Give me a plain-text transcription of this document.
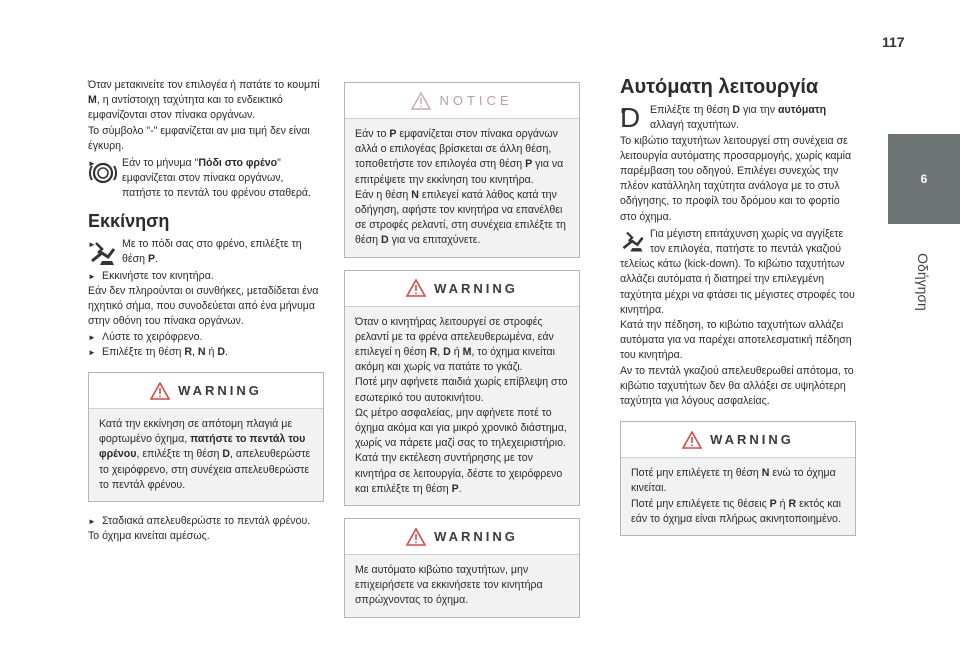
117
6
Οδήγηση

Όταν μετακινείτε τον επιλογέα ή πατάτε το κουμπί M, η αντίστοιχη ταχύτητα και το ενδεικτικό εμφανίζονται στον πίνακα οργάνων.

Το σύμβολο "-" εμφανίζεται αν μια τιμή δεν είναι έγκυρη.

► Εάν το μήνυμα "Πόδι στο φρένο" εμφανίζεται στον πίνακα οργάνων, πατήστε το πεντάλ του φρένου σταθερά.
Εκκίνηση
► Με το πόδι σας στο φρένο, επιλέξτε τη θέση P.
► Εκκινήστε τον κινητήρα.

Εάν δεν πληρούνται οι συνθήκες, μεταδίδεται ένα ηχητικό σήμα, που συνοδεύεται από ένα μήνυμα στην οθόνη του πίνακα οργάνων.

► Λύστε το χειρόφρενο.
► Επιλέξτε τη θέση R, N ή D.
WARNING
Κατά την εκκίνηση σε απότομη πλαγιά με φορτωμένο όχημα, πατήστε το πεντάλ του φρένου, επιλέξτε τη θέση D, απελευθερώστε το χειρόφρενο, στη συνέχεια απελευθερώστε το πεντάλ φρένου.
► Σταδιακά απελευθερώστε το πεντάλ φρένου.

Το όχημα κινείται αμέσως.

NOTICE

Εάν το P εμφανίζεται στον πίνακα οργάνων αλλά ο επιλογέας βρίσκεται σε άλλη θέση, τοποθετήστε τον επιλογέα στη θέση P για να επιτρέψετε την εκκίνηση του κινητήρα.

Εάν η θέση N επιλεγεί κατά λάθος κατά την οδήγηση, αφήστε τον κινητήρα να επανέλθει σε στροφές ρελαντί, στη συνέχεια επιλέξτε τη θέση D για να επιταχύνετε.

WARNING

Όταν ο κινητήρας λειτουργεί σε στροφές ρελαντί με τα φρένα απελευθερωμένα, εάν επιλεγεί η θέση R, D ή M, το όχημα κινείται ακόμη και χωρίς να πατάτε το γκάζι.

Ποτέ μην αφήνετε παιδιά χωρίς επίβλεψη στο εσωτερικό του αυτοκινήτου.

Ως μέτρο ασφαλείας, μην αφήνετε ποτέ το όχημα ακόμα και για μικρό χρονικό διάστημα, χωρίς να πάρετε μαζί σας το τηλεχειριστήριο.

Κατά την εκτέλεση συντήρησης με τον κινητήρα σε λειτουργία, δέστε το χειρόφρενο και επιλέξτε τη θέση P.

WARNING
Με αυτόματο κιβώτιο ταχυτήτων, μην επιχειρήσετε να εκκινήσετε τον κινητήρα σπρώχνοντας το όχημα.
Αυτόματη λειτουργία
D
► Επιλέξτε τη θέση D για την αυτόματη αλλαγή ταχυτήτων.

Το κιβώτιο ταχυτήτων λειτουργεί στη συνέχεια σε λειτουργία αυτόματης προσαρμογής, χωρίς καμία παρέμβαση του οδηγού. Επιλέγει συνεχώς την πλέον κατάλληλη ταχύτητα ανάλογα με το στυλ οδήγησης, το προφίλ του δρόμου και το φορτίο στο όχημα.

Για μέγιστη επιτάχυνση χωρίς να αγγίξετε τον επιλογέα, πατήστε το πεντάλ γκαζιού τελείως κάτω (kick-down). Το κιβώτιο ταχυτήτων αλλάζει αυτόματα ή διατηρεί την επιλεγμένη ταχύτητα μέχρι να φτάσει τις μέγιστες στροφές του κινητήρα.

Κατά την πέδηση, το κιβώτιο ταχυτήτων αλλάζει αυτόματα για να παρέχει αποτελεσματική πέδηση του κινητήρα.

Αν το πεντάλ γκαζιού απελευθερωθεί απότομα, το κιβώτιο ταχυτήτων δεν θα αλλάξει σε υψηλότερη ταχύτητα για λόγους ασφαλείας.

WARNING

Ποτέ μην επιλέγετε τη θέση N ενώ το όχημα κινείται.

Ποτέ μην επιλέγετε τις θέσεις P ή R εκτός και εάν το όχημα είναι πλήρως ακινητοποιημένο.
